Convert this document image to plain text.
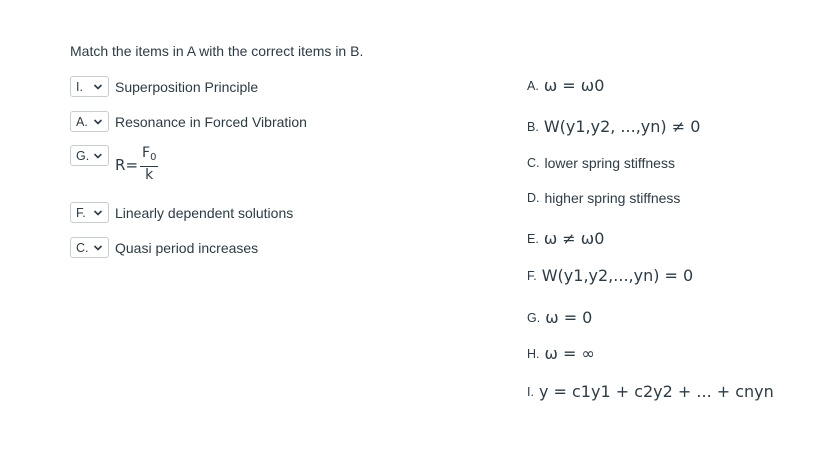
Match the items in A with the correct items in B.
I. Superposition Principle
A. Resonance in Forced Vibration
G. $R= \frac{F_0}{k}$
F. Linearly dependent solutions
C. Quasi period increases
A. ω = ω0
B. W(y1,y2, ...,yn) ≠ 0
C. lower spring stiffness
D. higher spring stiffness
E. ω ≠ ω0
F. W(y1,y2,...,yn) = 0
G. ω = 0
H. ω = ∞
I. y = c1y1 + c2y2 + ... + cnyn
